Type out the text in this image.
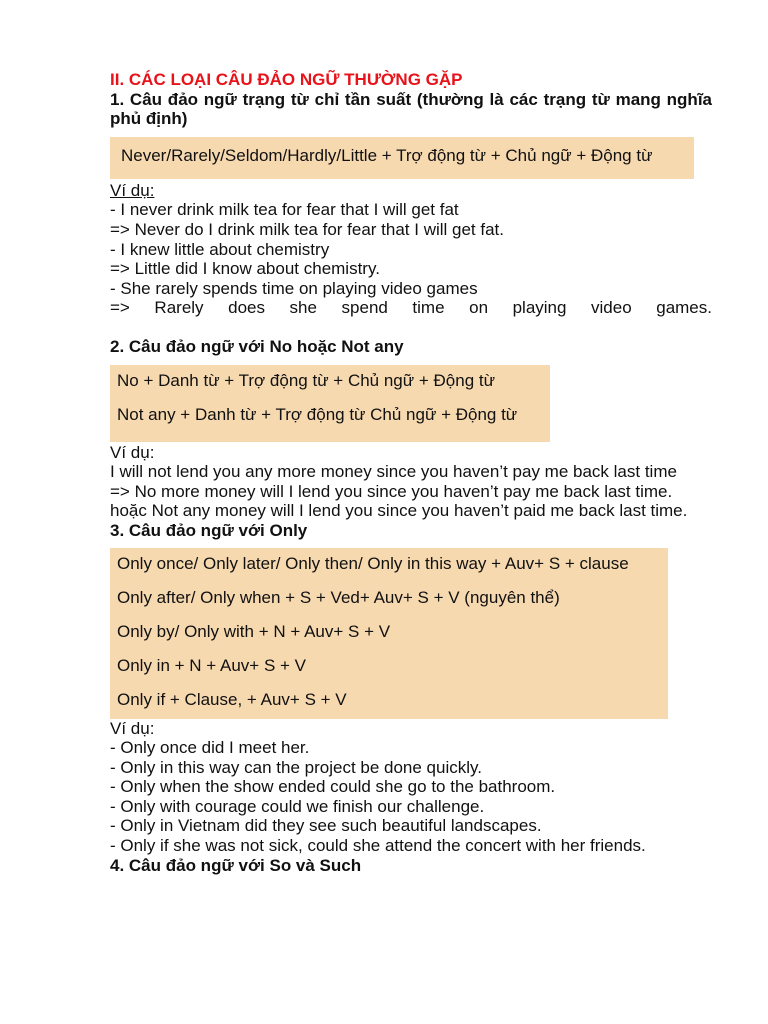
II. CÁC LOẠI CÂU ĐẢO NGỮ THƯỜNG GẶP

1. Câu đảo ngữ trạng từ chỉ tần suất (thường là các trạng từ mang nghĩa phủ định)

Never/Rarely/Seldom/Hardly/Little + Trợ động từ + Chủ ngữ + Động từ

Ví dụ:

- I never drink milk tea for fear that I will get fat

=> Never do I drink milk tea for fear that I will get fat.

- I knew little about chemistry

=> Little did I know about chemistry.

- She rarely spends time on playing video games

=> Rarely does she spend time on playing video games.

2. Câu đảo ngữ với No hoặc Not any

No + Danh từ + Trợ động từ + Chủ ngữ + Động từ
Not any + Danh từ + Trợ động từ Chủ ngữ + Động từ

Ví dụ:

I will not lend you any more money since you haven’t pay me back last time

=> No more money will I lend you since you haven’t pay me back last time.

hoặc Not any money will I lend you since you haven’t paid me back last time.

3. Câu đảo ngữ với Only

Only once/ Only later/ Only then/ Only in this way + Auv+ S + clause
Only after/ Only when + S + Ved+ Auv+ S + V (nguyên thể)
Only by/ Only with + N + Auv+ S + V
Only in + N + Auv+ S + V
Only if + Clause, + Auv+ S + V

Ví dụ:

- Only once did I meet her.

- Only in this way can the project be done quickly.

- Only when the show ended could she go to the bathroom.

- Only with courage could we finish our challenge.

- Only in Vietnam did they see such beautiful landscapes.

- Only if she was not sick, could she attend the concert with her friends.

4. Câu đảo ngữ với So và Such
